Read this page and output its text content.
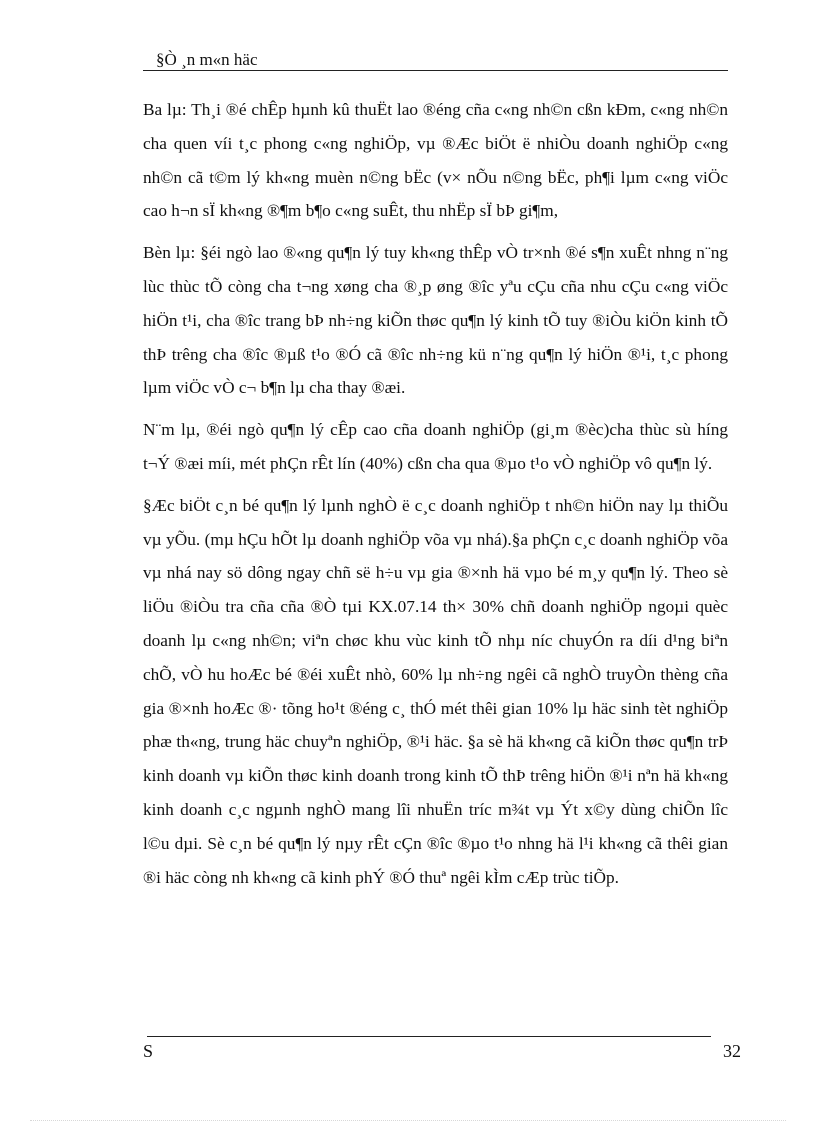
§Ò ¸n m«n häc

Ba lµ: Th¸i ®é chÊp hµnh kû thuËt lao ®éng cña c«ng nh©n cßn kÐm, c«ng nh©n cha quen víi t¸c phong c«ng nghiÖp, vµ ®Æc biÖt ë nhiÒu doanh nghiÖp c«ng nh©n cã t©m lý kh«ng muèn n©ng bËc (v× nÕu n©ng bËc, ph¶i lµm c«ng viÖc cao h¬n sÏ kh«ng ®¶m b¶o c«ng suÊt, thu nhËp sÏ bÞ gi¶m,

Bèn lµ: §éi ngò lao ®«ng qu¶n lý tuy kh«ng thÊp vÒ tr×nh ®é s¶n xuÊt nhng n¨ng lùc thùc tÕ còng cha t¬ng xøng cha ®¸p øng ®îc yªu cÇu cña nhu cÇu c«ng viÖc hiÖn t¹i, cha ®îc trang bÞ nh÷ng kiÕn thøc qu¶n lý kinh tÕ tuy ®iÒu kiÖn kinh tÕ thÞ trêng cha ®îc ®µß t¹o ®Ó cã ®îc nh÷ng kü n¨ng qu¶n lý hiÖn ®¹i, t¸c phong lµm viÖc vÒ c¬ b¶n lµ cha thay ®æi.

N¨m lµ, ®éi ngò qu¶n lý cÊp cao cña doanh nghiÖp (gi¸m ®èc)cha thùc sù híng t¬Ý ®æi míi, mét phÇn rÊt lín (40%) cßn cha qua ®µo t¹o vÒ nghiÖp vô qu¶n lý.

§Æc biÖt c¸n bé qu¶n lý lµnh nghÒ ë c¸c doanh nghiÖp t nh©n hiÖn nay lµ thiÕu vµ yÕu. (mµ hÇu hÕt lµ doanh nghiÖp võa vµ nhá).§a phÇn c¸c doanh nghiÖp võa vµ nhá nay sö dông ngay chñ së h÷u vµ gia ®×nh hä vµo bé m¸y qu¶n lý. Theo sè liÖu ®iÒu tra cña cña ®Ò tµi KX.07.14 th× 30% chñ doanh nghiÖp ngoµi quèc doanh lµ c«ng nh©n; viªn chøc khu vùc kinh tÕ nhµ níc chuyÓn ra díi d¹ng biªn chÕ, vÒ hu hoÆc bé ®éi xuÊt nhò, 60% lµ nh÷ng ngêi cã nghÒ truyÒn thèng cña gia ®×nh hoÆc ®· tõng ho¹t ®éng c¸ thÓ mét thêi gian 10% lµ häc sinh tèt nghiÖp phæ th«ng, trung häc chuyªn nghiÖp, ®¹i häc. §a sè hä kh«ng cã kiÕn thøc qu¶n trÞ kinh doanh vµ kiÕn thøc kinh doanh trong kinh tÕ thÞ trêng hiÖn ®¹i nªn hä kh«ng kinh doanh c¸c ngµnh nghÒ mang lîi nhuËn tríc m¾t vµ Ýt x©y dùng chiÕn lîc l©u dµi. Sè c¸n bé qu¶n lý nµy rÊt cÇn ®îc ®µo t¹o nhng hä l¹i kh«ng cã thêi gian ®i häc còng nh kh«ng cã kinh phÝ ®Ó thuª ngêi kÌm cÆp trùc tiÕp.

S	32
